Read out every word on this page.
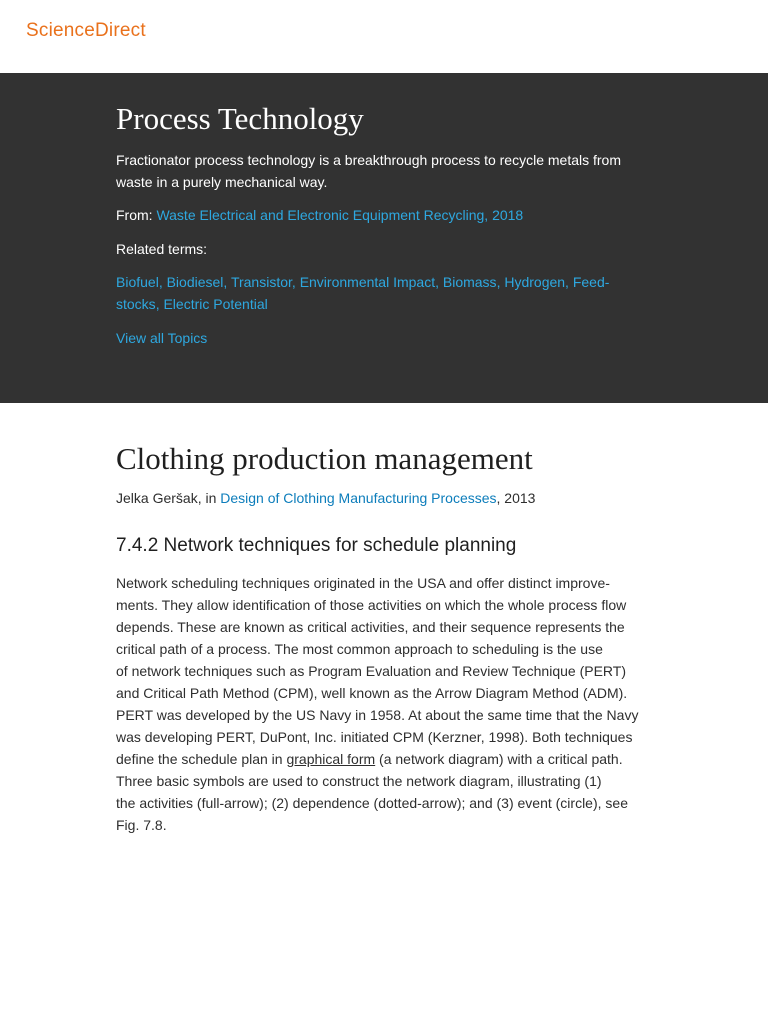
ScienceDirect
Process Technology

Fractionator process technology is a breakthrough process to recycle metals from waste in a purely mechanical way.

From: Waste Electrical and Electronic Equipment Recycling, 2018
Related terms:
Biofuel, Biodiesel, Transistor, Environmental Impact, Biomass, Hydrogen, Feed-stocks, Electric Potential
View all Topics
Clothing production management
Jelka Geršak, in Design of Clothing Manufacturing Processes, 2013
7.4.2 Network techniques for schedule planning

Network scheduling techniques originated in the USA and offer distinct improve-
ments. They allow identification of those activities on which the whole process flow
depends. These are known as critical activities, and their sequence represents the
critical path of a process. The most common approach to scheduling is the use
of network techniques such as Program Evaluation and Review Technique (PERT)
and Critical Path Method (CPM), well known as the Arrow Diagram Method (ADM).
PERT was developed by the US Navy in 1958. At about the same time that the Navy
was developing PERT, DuPont, Inc. initiated CPM (Kerzner, 1998). Both techniques
define the schedule plan in graphical form (a network diagram) with a critical path.
Three basic symbols are used to construct the network diagram, illustrating (1)
the activities (full-arrow); (2) dependence (dotted-arrow); and (3) event (circle), see
Fig. 7.8.
